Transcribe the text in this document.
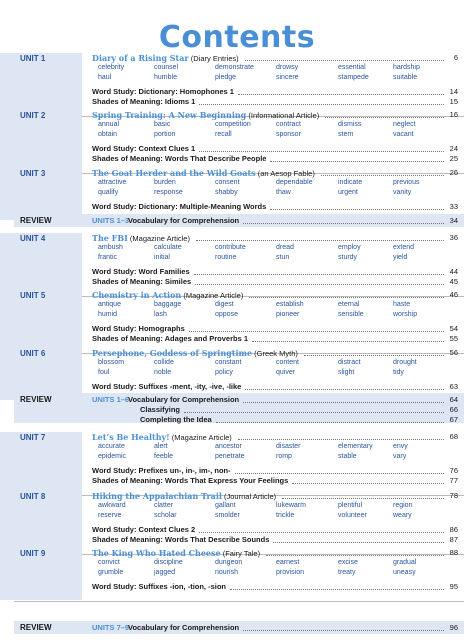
Contents
UNIT 1	Diary of a Rising Star (Diary Entries)	6
celebrity	counsel	demonstrate	drowsy	essential	hardship
haul	humble	pledge	sincere	stampede	suitable
Word Study: Dictionary: Homophones 1	14
Shades of Meaning: Idioms 1	15
UNIT 2	Spring Training: A New Beginning (Informational Article)	16
annual	basic	competition	contract	dismiss	neglect
obtain	portion	recall	sponsor	stern	vacant
Word Study: Context Clues 1	24
Shades of Meaning: Words That Describe People	25
UNIT 3	The Goat Herder and the Wild Goats (an Aesop Fable)	26
attractive	burden	consent	dependable	indicate	previous
qualify	response	shabby	thaw	urgent	vanity
Word Study: Dictionary: Multiple-Meaning Words	33
UNIT 4	The FBI (Magazine Article)	36
ambush	calculate	contribute	dread	employ	extend
frantic	initial	routine	stun	sturdy	yield
Word Study: Word Families	44
Shades of Meaning: Similes	45
UNIT 5	Chemistry in Action (Magazine Article)	46
antique	baggage	digest	establish	eternal	haste
humid	lash	oppose	pioneer	sensible	worship
Word Study: Homographs	54
Shades of Meaning: Adages and Proverbs 1	55
UNIT 6	Persephone, Goddess of Springtime (Greek Myth)	56
blossom	collide	constant	content	distract	drought
foul	noble	policy	quiver	slight	tidy
Word Study: Suffixes -ment, -ity, -ive, -like	63
UNIT 7	Let’s Be Healthy! (Magazine Article)	68
accurate	alert	ancestor	disaster	elementary	envy
epidemic	feeble	penetrate	romp	stable	vary
Word Study: Prefixes un-, in-, im-, non-	76
Shades of Meaning: Words That Express Your Feelings	77
UNIT 8	Hiking the Appalachian Trail (Journal Article)	78
awkward	clatter	gallant	lukewarm	plentiful	region
reserve	scholar	smolder	trickle	volunteer	weary
Word Study: Context Clues 2	86
Shades of Meaning: Words That Describe Sounds	87
UNIT 9	The King Who Hated Cheese (Fairy Tale)	88
convict	discipline	dungeon	earnest	excise	gradual
grumble	jagged	nourish	provision	treaty	uneasy
Word Study: Suffixes -ion, -tion, -sion	95
REVIEW	UNITS 1–3
Vocabulary for Comprehension	34
REVIEW	UNITS 1–6
Vocabulary for Comprehension	64
Classifying	66
Completing the Idea	67
REVIEW	UNITS 7–9
Vocabulary for Comprehension	96
